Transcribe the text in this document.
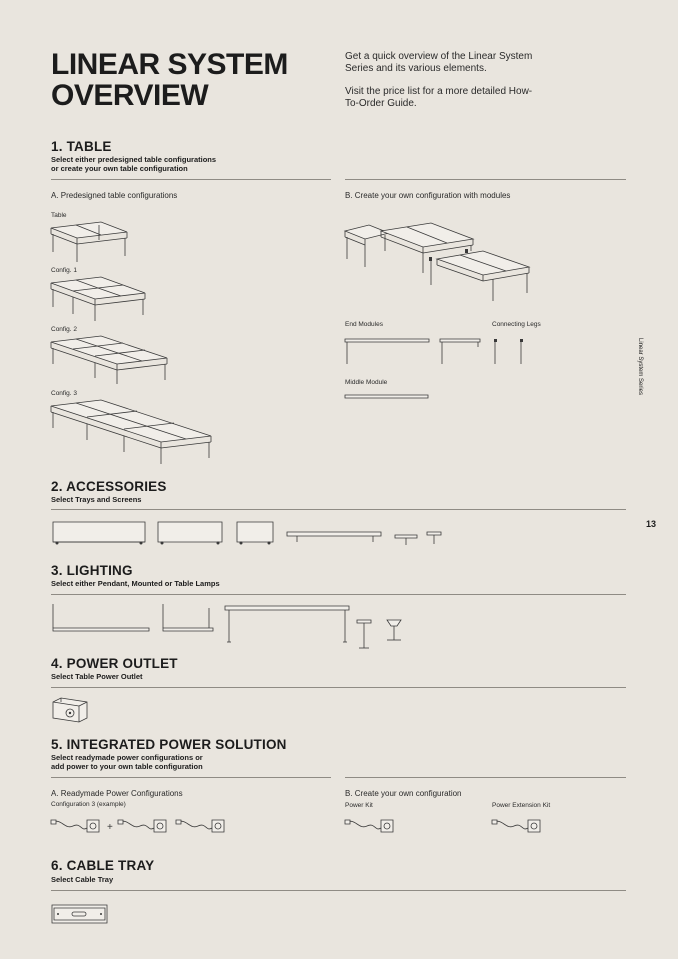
LINEAR SYSTEM
OVERVIEW
Get a quick overview of the Linear System Series and its various elements.
Visit the price list for a more detailed How-To-Order Guide.
Linear System Series
13
1. TABLE
Select either predesigned table configurations
or create your own table configuration
A. Predesigned table configurations	B. Create your own configuration with modules
Table
Config. 1
Config. 2
Config. 3
End Modules	Connecting Legs
Middle Module
2. ACCESSORIES
Select Trays and Screens
3. LIGHTING
Select either Pendant, Mounted or Table Lamps
4. POWER OUTLET
Select Table Power Outlet
5. INTEGRATED POWER SOLUTION
Select readymade power configurations or
add power to your own table configuration
A. Readymade Power Configurations
Configuration 3 (example)
B. Create your own configuration
Power Kit	Power Extension Kit
+
6. CABLE TRAY
Select Cable Tray
